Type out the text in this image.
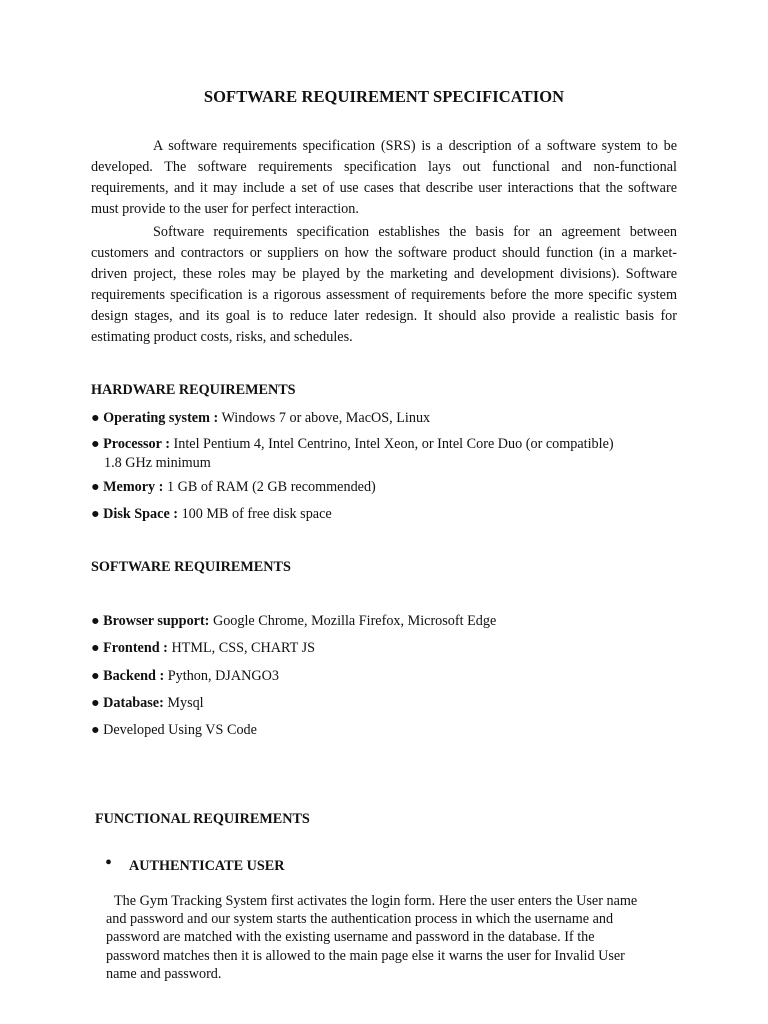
SOFTWARE REQUIREMENT SPECIFICATION

A software requirements specification (SRS) is a description of a software system to be developed. The software requirements specification lays out functional and non-functional requirements, and it may include a set of use cases that describe user interactions that the software must provide to the user for perfect interaction.

Software requirements specification establishes the basis for an agreement between customers and contractors or suppliers on how the software product should function (in a market-driven project, these roles may be played by the marketing and development divisions). Software requirements specification is a rigorous assessment of requirements before the more specific system design stages, and its goal is to reduce later redesign. It should also provide a realistic basis for estimating product costs, risks, and schedules.

HARDWARE REQUIREMENTS
● Operating system : Windows 7 or above, MacOS, Linux
● Processor : Intel Pentium 4, Intel Centrino, Intel Xeon, or Intel Core Duo (or compatible)
1.8 GHz minimum
● Memory : 1 GB of RAM (2 GB recommended)
● Disk Space : 100 MB of free disk space
SOFTWARE REQUIREMENTS
● Browser support: Google Chrome, Mozilla Firefox, Microsoft Edge
● Frontend : HTML, CSS, CHART JS
● Backend : Python, DJANGO3
● Database: Mysql
● Developed Using VS Code
FUNCTIONAL REQUIREMENTS
• AUTHENTICATE USER
The Gym Tracking System first activates the login form. Here the user enters the User name
and password and our system starts the authentication process in which the username and
password are matched with the existing username and password in the database. If the
password matches then it is allowed to the main page else it warns the user for Invalid User
name and password.
